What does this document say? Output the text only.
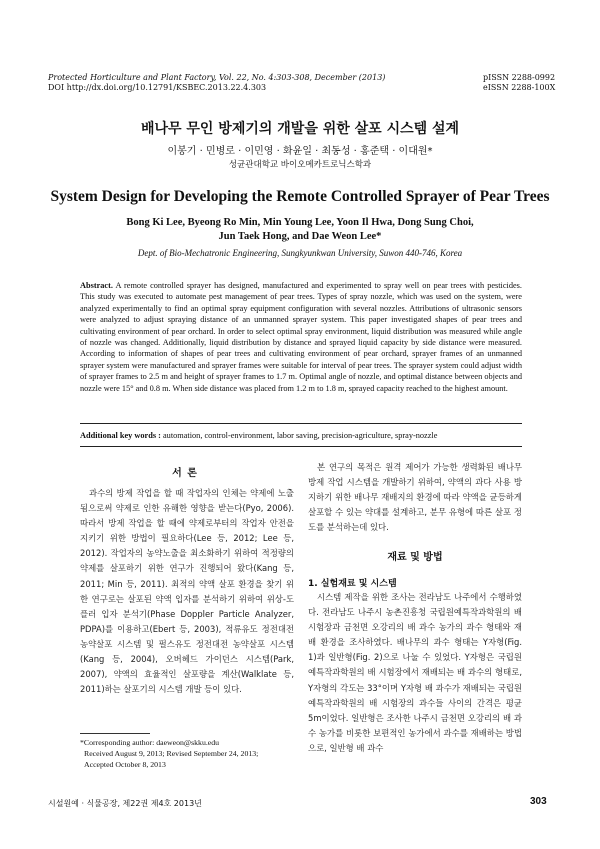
Protected Horticulture and Plant Factory, Vol. 22, No. 4:303-308, December (2013)
DOI http://dx.doi.org/10.12791/KSBEC.2013.22.4.303
pISSN 2288-0992
eISSN 2288-100X
배나무 무인 방제기의 개발을 위한 살포 시스템 설계
이봉기 · 민병로 · 이민영 · 화윤일 · 최동성 · 홍준택 · 이대원*
성균관대학교 바이오메카트로닉스학과
System Design for Developing the Remote Controlled Sprayer of Pear Trees
Bong Ki Lee, Byeong Ro Min, Min Young Lee, Yoon Il Hwa, Dong Sung Choi,
Jun Taek Hong, and Dae Weon Lee*
Dept. of Bio-Mechatronic Engineering, Sungkyunkwan University, Suwon 440-746, Korea
Abstract. A remote controlled sprayer has designed, manufactured and experimented to spray well on pear trees with pesticides. This study was executed to automate pest management of pear trees. Types of spray nozzle, which was used on the system, were analyzed experimentally to find an optimal spray equipment configuration with several nozzles. Attributions of ultrasonic sensors were analyzed to adjust spraying distance of an unmanned sprayer system. This paper investigated shapes of pear trees and cultivating environment of pear orchard. In order to select optimal spray environment, liquid distribution was measured while angle of nozzle was changed. Additionally, liquid distribution by distance and sprayed liquid capacity by side distance were measured. According to information of shapes of pear trees and cultivating environment of pear orchard, sprayer frames of an unmanned sprayer system were manufactured and sprayer frames were suitable for interval of pear trees. The sprayer system could adjust width of sprayer frames to 2.5 m and height of sprayer frames to 1.7 m. Optimal angle of nozzle, and optimal distance between objects and nozzle were 15° and 0.8 m. When side distance was placed from 1.2 m to 1.8 m, sprayed capacity reached to the highest amount.
Additional key words : automation, control-environment, labor saving, precision-agriculture, spray-nozzle
서 론
과수의 방제 작업을 할 때 작업자의 인체는 약제에 노출됨으로써 약제로 인한 유해한 영향을 받는다(Pyo, 2006). 따라서 방제 작업을 할 때에 약제로부터의 작업자 안전을 지키기 위한 방법이 필요하다(Lee 등, 2012; Lee 등, 2012). 작업자의 농약노출을 최소화하기 위하여 적정량의 약제를 살포하기 위한 연구가 진행되어 왔다(Kang 등, 2011; Min 등, 2011). 최적의 약액 살포 환경을 찾기 위한 연구로는 살포된 약액 입자를 분석하기 위하여 위상-도플러 입자 분석기(Phase Doppler Particle Analyzer, PDPA)를 이용하고(Ebert 등, 2003), 적류유도 정전대전 농약살포 시스템 및 펄스유도 정전대전 농약살포 시스템(Kang 등, 2004), 오버헤드 가이던스 시스템(Park, 2007), 약액의 효율적인 살포량을 계산(Walklate 등, 2011)하는 살포기의 시스템 개발 등이 있다.
*Corresponding author: daeweon@skku.edu
Received August 9, 2013; Revised September 24, 2013;
Accepted October 8, 2013
본 연구의 목적은 원격 제어가 가능한 생력화된 배나무 방제 작업 시스템을 개발하기 위하여, 약액의 과다 사용 방지하기 위한 배나무 재배지의 환경에 따라 약액을 균등하게 살포할 수 있는 약대를 설계하고, 분무 유형에 따른 살포 정도를 분석하는데 있다.
재료 및 방법
1. 실험재료 및 시스템
시스템 제작을 위한 조사는 전라남도 나주에서 수행하였다. 전라남도 나주시 농촌진흥청 국립원예특작과학원의 배 시험장과 금천면 오강리의 배 과수 농가의 과수 형태와 재배 환경을 조사하였다. 배나무의 과수 형태는 Y자형(Fig. 1)과 일반형(Fig. 2)으로 나눌 수 있었다. Y자형은 국립원예특작과학원의 배 시험장에서 재배되는 배 과수의 형태로, Y자형의 각도는 33°이며 Y자형 배 과수가 재배되는 국립원예특작과학원의 배 시험장의 과수들 사이의 간격은 평균 5m이었다. 일반형은 조사한 나주시 금천면 오강리의 배 과수 농가를 비롯한 보편적인 농가에서 과수를 재배하는 방법으로, 일반형 배 과수
시설원예 · 식물공장, 제22권 제4호 2013년	303
